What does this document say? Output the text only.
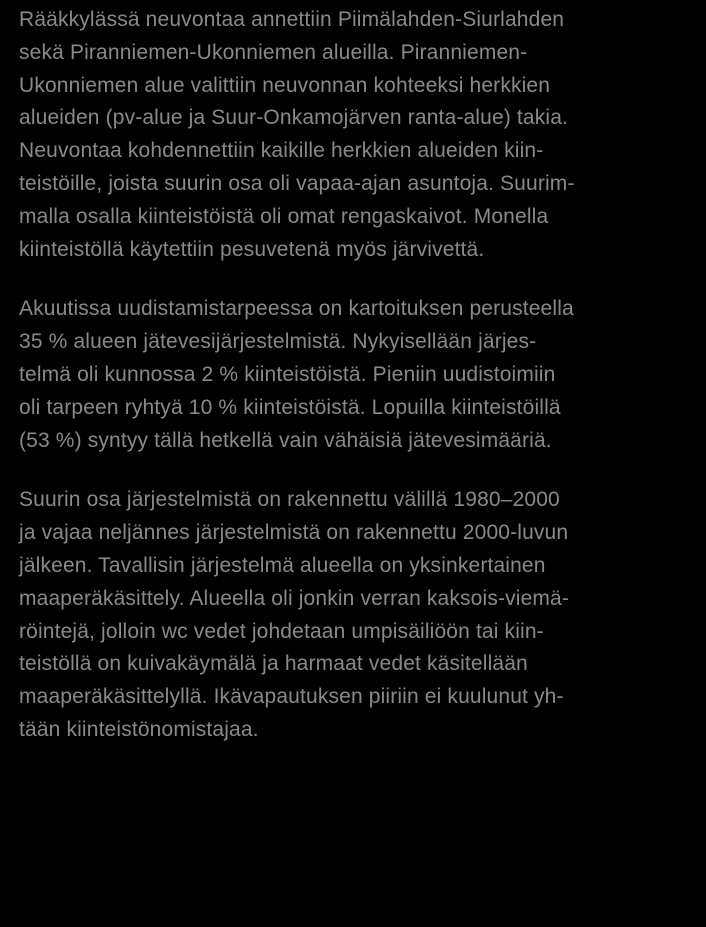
Rääkkylässä neuvontaa annettiin Piimälahden-Siurlahden
sekä Piranniemen-Ukonniemen alueilla. Piranniemen-
Ukonniemen alue valittiin neuvonnan kohteeksi herkkien
alueiden (pv-alue ja Suur-Onkamojärven ranta-alue) takia.
Neuvontaa kohdennettiin kaikille herkkien alueiden kiin-
teistöille, joista suurin osa oli vapaa-ajan asuntoja. Suurim-
malla osalla kiinteistöistä oli omat rengaskaivot. Monella
kiinteistöllä käytettiin pesuvetenä myös järvivettä.
Akuutissa uudistamistarpeessa on kartoituksen perusteella
35 % alueen jätevesijärjestelmistä. Nykyisellään järjes-
telmä oli kunnossa 2 % kiinteistöistä. Pieniin uudistoimiin
oli tarpeen ryhtyä 10 % kiinteistöistä. Lopuilla kiinteistöillä
(53 %) syntyy tällä hetkellä vain vähäisiä jätevesimääriä.
Suurin osa järjestelmistä on rakennettu välillä 1980–2000
ja vajaa neljännes järjestelmistä on rakennettu 2000-luvun
jälkeen. Tavallisin järjestelmä alueella on yksinkertainen
maaperäkäsittely. Alueella oli jonkin verran kaksois-viemä-
röintejä, jolloin wc vedet johdetaan umpisäiliöön tai kiin-
teistöllä on kuivakäymälä ja harmaat vedet käsitellään
maaperäkäsittelyllä. Ikävapautuksen piiriin ei kuulunut yh-
tään kiinteistönomistajaa.
